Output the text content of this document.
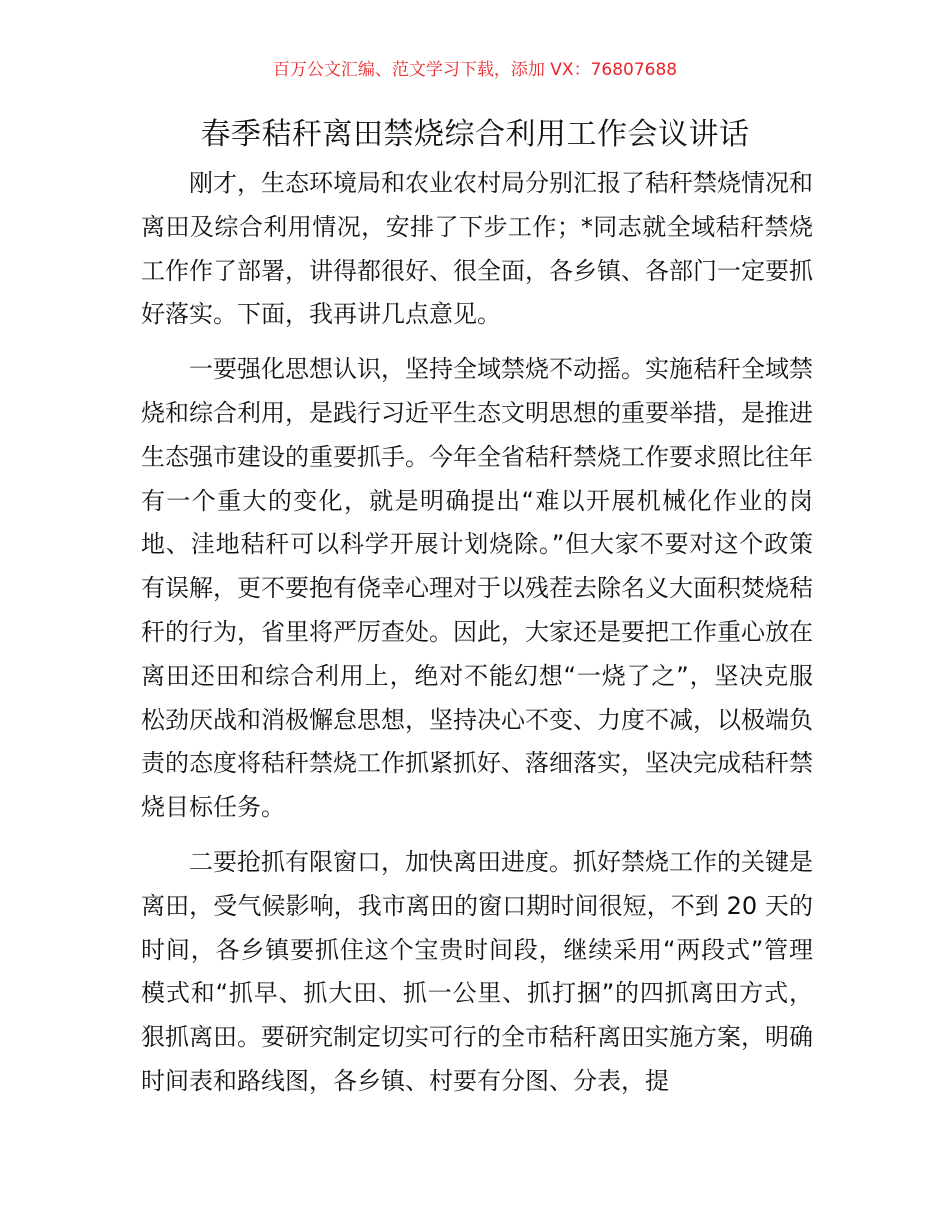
百万公文汇编、范文学习下载，添加 VX：76807688
春季秸秆离田禁烧综合利用工作会议讲话

刚才，生态环境局和农业农村局分别汇报了秸秆禁烧情况和离田及综合利用情况，安排了下步工作；*同志就全域秸秆禁烧工作作了部署，讲得都很好、很全面，各乡镇、各部门一定要抓好落实。下面，我再讲几点意见。

一要强化思想认识，坚持全域禁烧不动摇。实施秸秆全域禁烧和综合利用，是践行习近平生态文明思想的重要举措，是推进生态强市建设的重要抓手。今年全省秸秆禁烧工作要求照比往年有一个重大的变化，就是明确提出“难以开展机械化作业的岗地、洼地秸秆可以科学开展计划烧除。”但大家不要对这个政策有误解，更不要抱有侥幸心理对于以残茬去除名义大面积焚烧秸秆的行为，省里将严厉查处。因此，大家还是要把工作重心放在离田还田和综合利用上，绝对不能幻想“一烧了之”，坚决克服松劲厌战和消极懈怠思想，坚持决心不变、力度不减，以极端负责的态度将秸秆禁烧工作抓紧抓好、落细落实，坚决完成秸秆禁烧目标任务。

二要抢抓有限窗口，加快离田进度。抓好禁烧工作的关键是离田，受气候影响，我市离田的窗口期时间很短，不到 20 天的时间，各乡镇要抓住这个宝贵时间段，继续采用“两段式”管理模式和“抓早、抓大田、抓一公里、抓打捆”的四抓离田方式，狠抓离田。要研究制定切实可行的全市秸秆离田实施方案，明确时间表和路线图，各乡镇、村要有分图、分表，提
